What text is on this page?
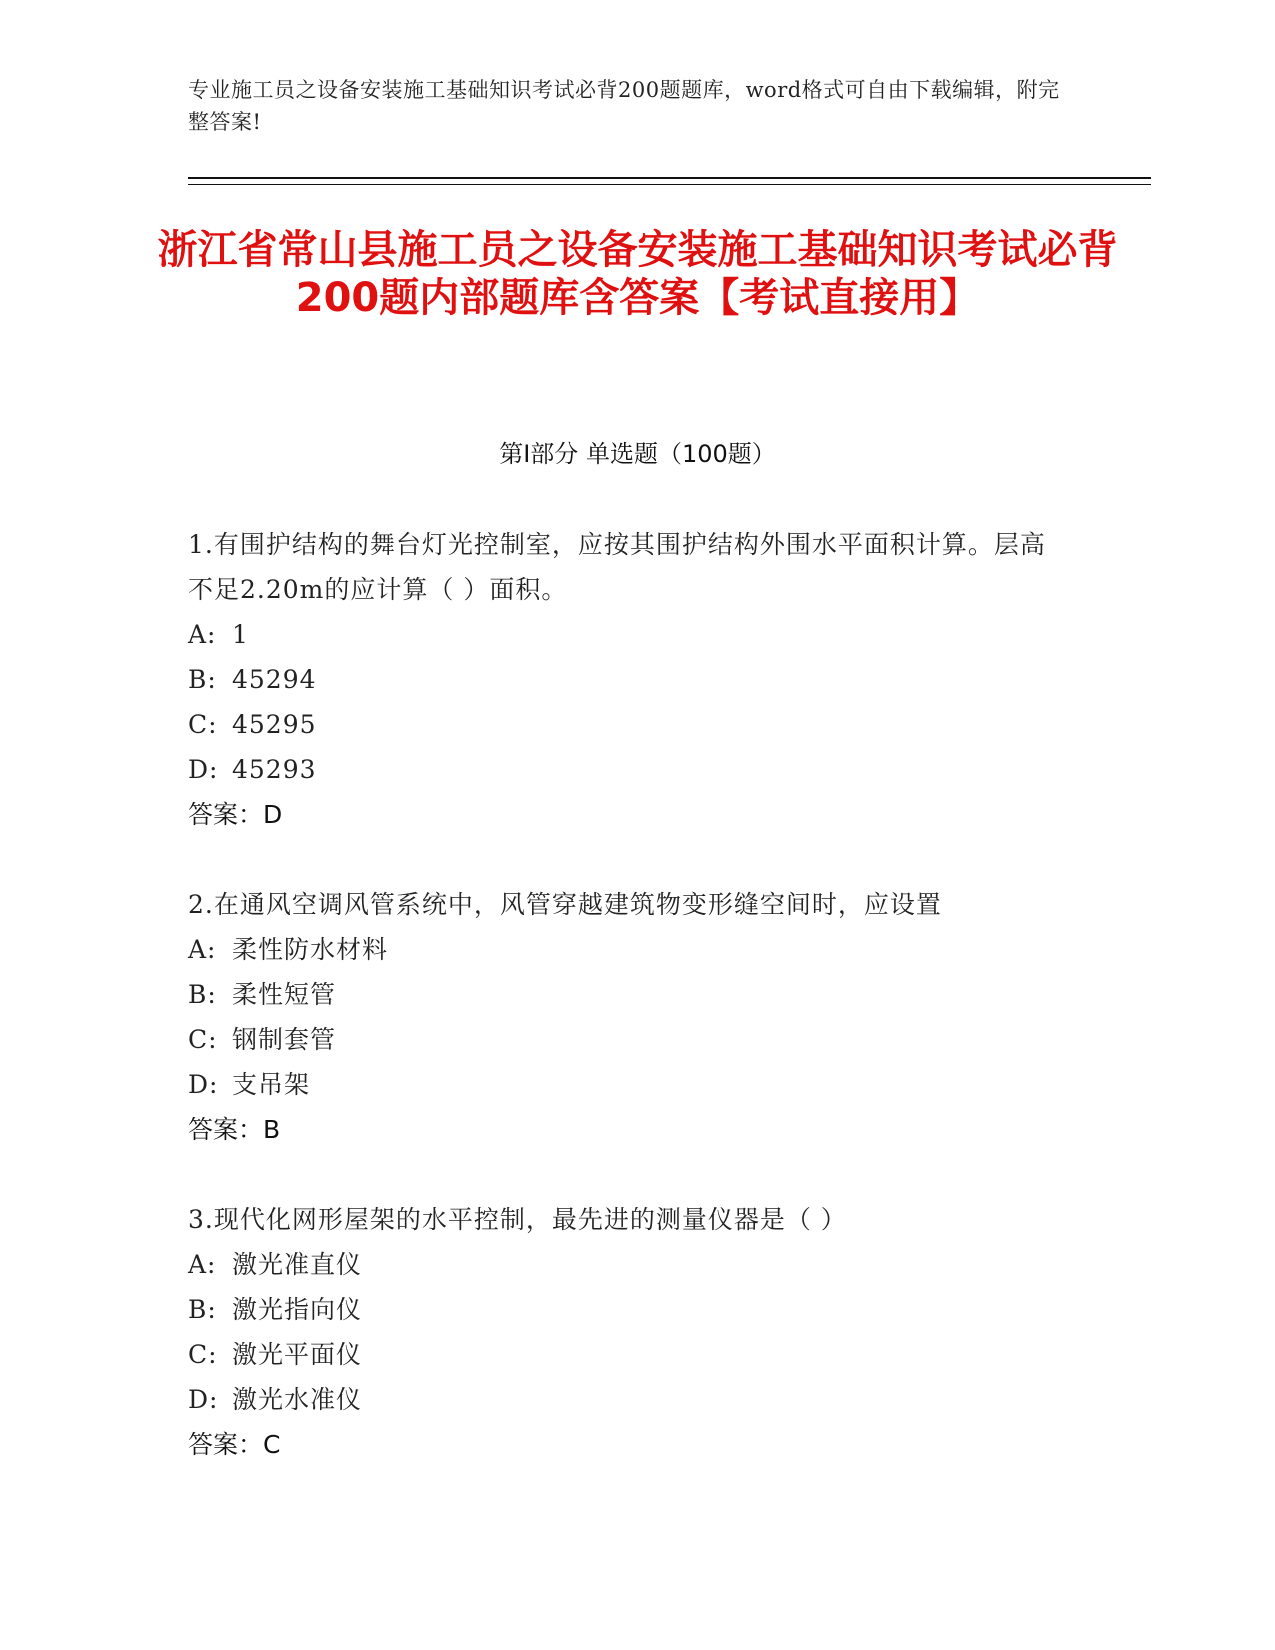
专业施工员之设备安装施工基础知识考试必背200题题库，word格式可自由下载编辑，附完整答案!
浙江省常山县施工员之设备安装施工基础知识考试必背200题内部题库含答案【考试直接用】
第Ⅰ部分 单选题（100题）
1.有围护结构的舞台灯光控制室，应按其围护结构外围水平面积计算。层高不足2.20m的应计算（ ）面积。
A: 1
B: 45294
C: 45295
D: 45293
答案：D
2.在通风空调风管系统中，风管穿越建筑物变形缝空间时，应设置
A: 柔性防水材料
B: 柔性短管
C: 钢制套管
D: 支吊架
答案：B
3.现代化网形屋架的水平控制，最先进的测量仪器是（ ）
A: 激光准直仪
B: 激光指向仪
C: 激光平面仪
D: 激光水准仪
答案：C
